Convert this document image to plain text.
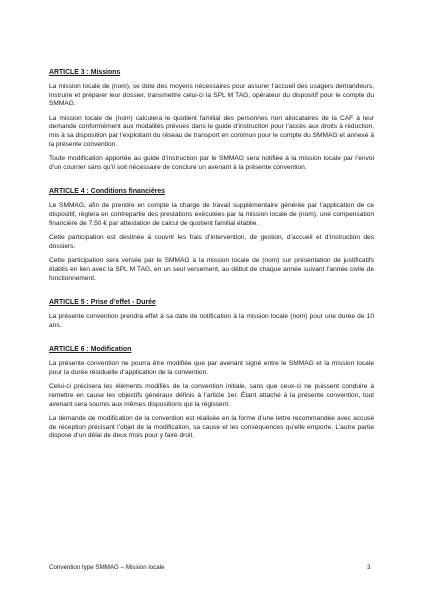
ARTICLE 3 : Missions

La mission locale de (nom), se dote des moyens nécessaires pour assurer l’accueil des usagers demandeurs, instruire et préparer leur dossier, transmettre celui-ci la SPL M TAG, opérateur du dispositif pour le compte du SMMAG.

La mission locale de (nom) calculera le quotient familial des personnes non allocataires de la CAF à leur demande conformément aux modalités prévues dans le guide d’instruction pour l’accès aux droits à réduction, mis à sa disposition par l’exploitant du réseau de transport en commun pour le compte du SMMAG et annexé à la présente convention.

Toute modification apportée au guide d’instruction par le SMMAG sera notifiée à la mission locale par l’envoi d’un courrier sans qu’il soit nécessaire de conclure un avenant à la présente convention.

ARTICLE 4 : Conditions financières

Le SMMAG, afin de prendre en compte la charge de travail supplémentaire générée par l’application de ce dispositif, règlera en contrepartie des prestations exécutées par la mission locale de (nom), une compensation financière de 7.50 € par attestation de calcul de quotient familial établie.

Cette participation est destinée à couvrir les frais d’intervention, de gestion, d’accueil et d’instruction des dossiers.

Cette participation sera versée par le SMMAG à la mission locale de (nom) sur présentation de justificatifs établis en lien avec la SPL M TAG, en un seul versement, au début de chaque année suivant l’année civile de fonctionnement.

ARTICLE 5 : Prise d’effet - Durée

La présente convention prendra effet à sa date de notification à la mission locale (nom) pour une durée de 10 ans.

ARTICLE 6 : Modification

La présente convention ne pourra être modifiée que par avenant signé entre le SMMAG et la mission locale pour la durée résiduelle d’application de la convention.

Celui-ci précisera les éléments modifiés de la convention initiale, sans que ceux-ci ne puissent conduire à remettre en cause les objectifs généraux définis à l’article 1er. Étant attaché à la présente convention, tout avenant sera soumis aux mêmes dispositions qui la régissent.

La demande de modification de la convention est réalisée en la forme d’une lettre recommandée avec accusé de réception précisant l’objet de la modification, sa cause et les conséquences qu’elle emporte. L’autre partie dispose d’un délai de deux mois pour y faire droit.

Convention type SMMAG – Mission locale	3
